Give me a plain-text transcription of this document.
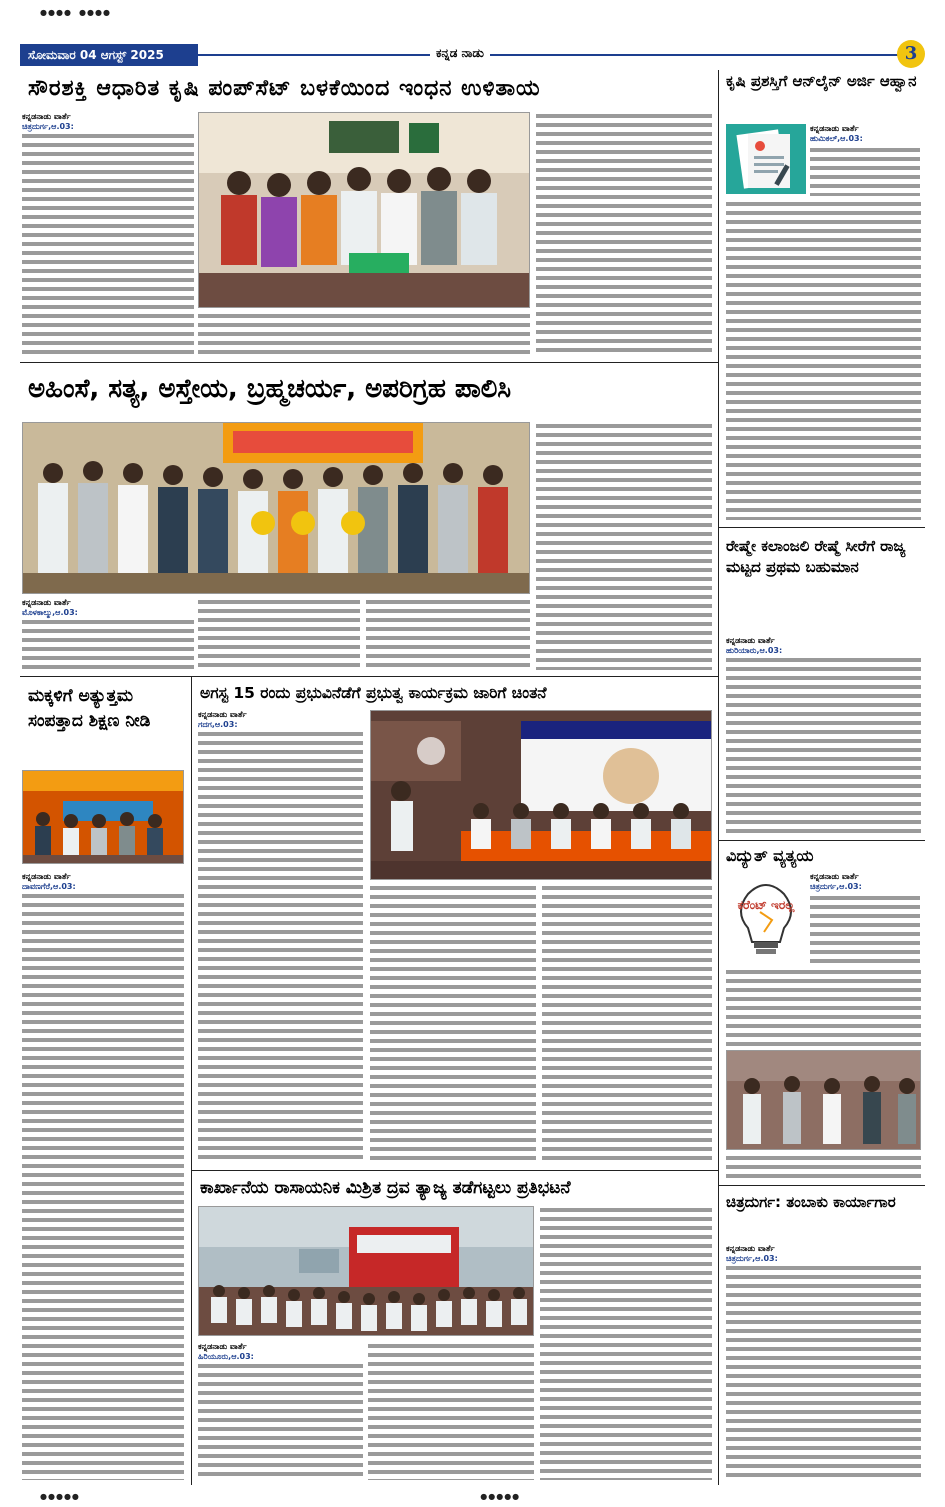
●●●●  ●●●●
●●●●●                                                                                                                 ●●●●●
ಸೋಮವಾರ 04 ಆಗಸ್ಟ್ 2025	ಕನ್ನಡ ನಾಡು	3
ಸೌರಶಕ್ತಿ ಆಧಾರಿತ ಕೃಷಿ ಪಂಪ್‌ಸೆಟ್ ಬಳಕೆಯಿಂದ ಇಂಧನ ಉಳಿತಾಯ
ಕನ್ನಡನಾಡು ವಾರ್ತೆ
ಚಿತ್ರದುರ್ಗ,ಆ.03:
ಕೃಷಿ ಪ್ರಶಸ್ತಿಗೆ ಆನ್‌ಲೈನ್ ಅರ್ಜಿ ಆಹ್ವಾನ
ಕನ್ನಡನಾಡು ವಾರ್ತೆ
ಹುಮಿಕಲ್,ಆ.03:
ಅಹಿಂಸೆ, ಸತ್ಯ, ಅಸ್ತೇಯ, ಬ್ರಹ್ಮಚರ್ಯ, ಅಪರಿಗ್ರಹ ಪಾಲಿಸಿ
ಕನ್ನಡನಾಡು ವಾರ್ತೆ
ಮೊಳಕಾಲ್ಮು,ಆ.03:
ರೇಷ್ಮೇ ಕಲಾಂಜಲಿ ರೇಷ್ಮೆ ಸೀರೆಗೆ ರಾಜ್ಯ ಮಟ್ಟದ ಪ್ರಥಮ ಬಹುಮಾನ
ಕನ್ನಡನಾಡು ವಾರ್ತೆ
ಹುರಿಯಾರು,ಆ.03:
ಮಕ್ಕಳಿಗೆ ಅತ್ಯುತ್ತಮ ಸಂಪತ್ತಾದ ಶಿಕ್ಷಣ ನೀಡಿ
ಕನ್ನಡನಾಡು ವಾರ್ತೆ
ದಾವಣಗೆರೆ,ಆ.03:
ಅಗಸ್ಟ 15 ರಂದು ಪ್ರಭುವಿನೆಡೆಗೆ ಪ್ರಭುತ್ವ ಕಾರ್ಯಕ್ರಮ ಜಾರಿಗೆ ಚಿಂತನೆ
ಕನ್ನಡನಾಡು ವಾರ್ತೆ
ಗದಗ,ಆ.03:
ವಿದ್ಯುತ್ ವ್ಯತ್ಯಯ
ಕರೆಂಟ್ ಇರಲ್ಲ
ಕನ್ನಡನಾಡು ವಾರ್ತೆ
ಚಿತ್ರದುರ್ಗ,ಆ.03:
ಕಾರ್ಖಾನೆಯ ರಾಸಾಯನಿಕ ಮಿಶ್ರಿತ ದ್ರವ ತ್ಯಾಜ್ಯ ತಡೆಗಟ್ಟಲು ಪ್ರತಿಭಟನೆ
ಕನ್ನಡನಾಡು ವಾರ್ತೆ
ಹಿರಿಯೂರು,ಆ.03:
ಚಿತ್ರದುರ್ಗ: ತಂಬಾಕು ಕಾರ್ಯಾಗಾರ
ಕನ್ನಡನಾಡು ವಾರ್ತೆ
ಚಿತ್ರದುರ್ಗ,ಆ.03:
